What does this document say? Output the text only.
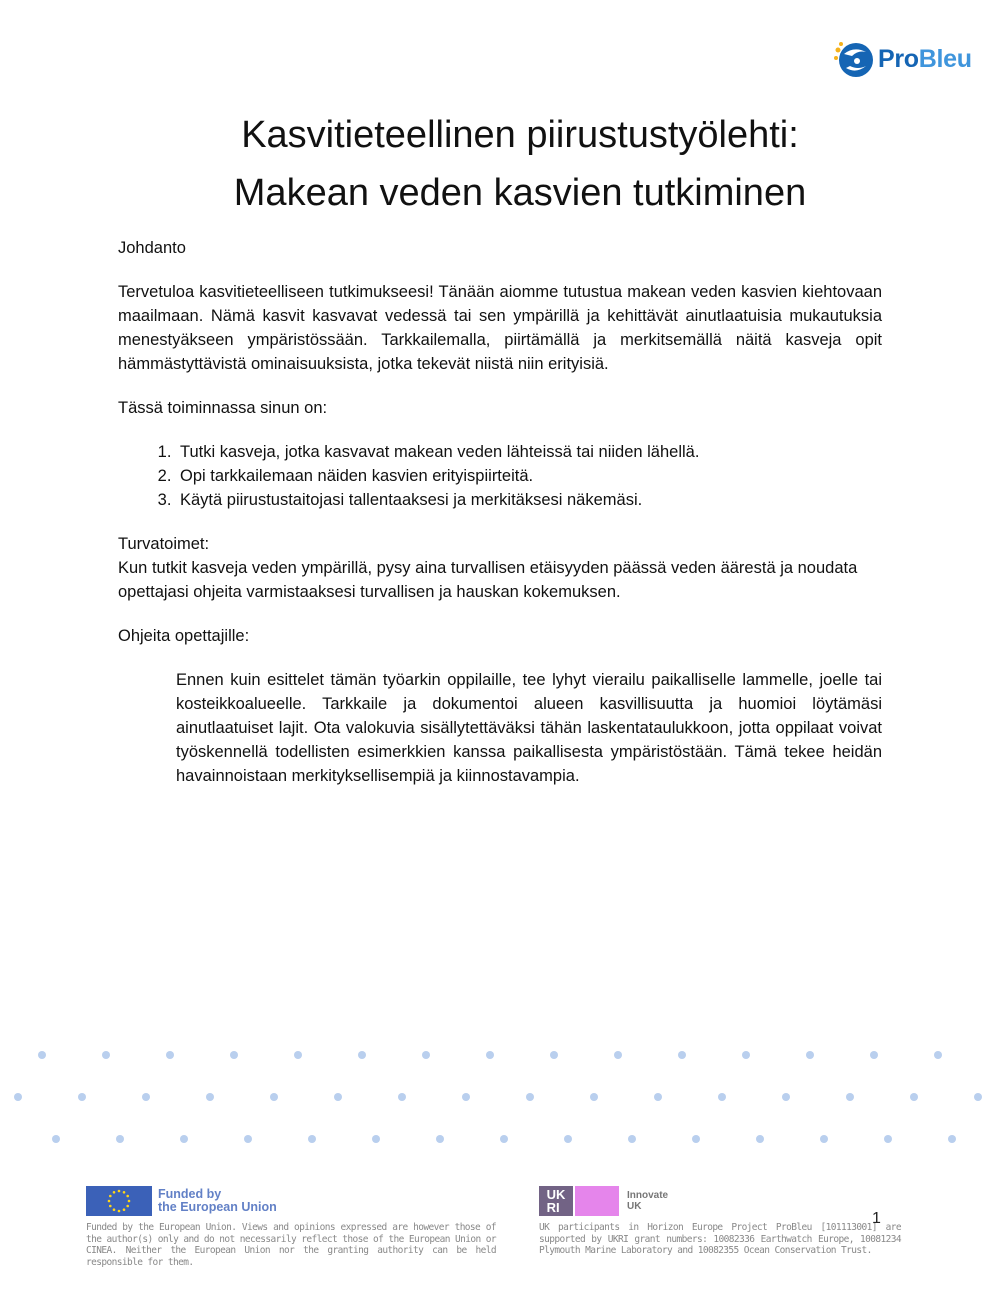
ProBleu
Kasvitieteellinen piirustustyölehti:
Makean veden kasvien tutkiminen

Johdanto

Tervetuloa kasvitieteelliseen tutkimukseesi! Tänään aiomme tutustua makean veden kasvien kiehtovaan maailmaan. Nämä kasvit kasvavat vedessä tai sen ympärillä ja kehittävät ainutlaatuisia mukautuksia menestyäkseen ympäristössään. Tarkkailemalla, piirtämällä ja merkitsemällä näitä kasveja opit hämmästyttävistä ominaisuuksista, jotka tekevät niistä niin erityisiä.

Tässä toiminnassa sinun on:

1. Tutki kasveja, jotka kasvavat makean veden lähteissä tai niiden lähellä.
2. Opi tarkkailemaan näiden kasvien erityispiirteitä.
3. Käytä piirustustaitojasi tallentaaksesi ja merkitäksesi näkemäsi.

Turvatoimet:

Kun tutkit kasveja veden ympärillä, pysy aina turvallisen etäisyyden päässä veden äärestä ja noudata opettajasi ohjeita varmistaaksesi turvallisen ja hauskan kokemuksen.

Ohjeita opettajille:

Ennen kuin esittelet tämän työarkin oppilaille, tee lyhyt vierailu paikalliselle lammelle, joelle tai kosteikkoalueelle. Tarkkaile ja dokumentoi alueen kasvillisuutta ja huomioi löytämäsi ainutlaatuiset lajit. Ota valokuvia sisällytettäväksi tähän laskentataulukkoon, jotta oppilaat voivat työskennellä todellisten esimerkkien kanssa paikallisesta ympäristöstään. Tämä tekee heidän havainnoistaan merkityksellisempiä ja kiinnostavampia.

Funded by
the European Union
Funded by the European Union. Views and opinions expressed are however those of the author(s) only and do not necessarily reflect those of the European Union or CINEA. Neither the European Union nor the granting authority can be held responsible for them.
UK
RI
Innovate
UK
UK participants in Horizon Europe Project ProBleu [101113001] are supported by UKRI grant numbers: 10082336 Earthwatch Europe, 10081234 Plymouth Marine Laboratory and 10082355 Ocean Conservation Trust.
1
